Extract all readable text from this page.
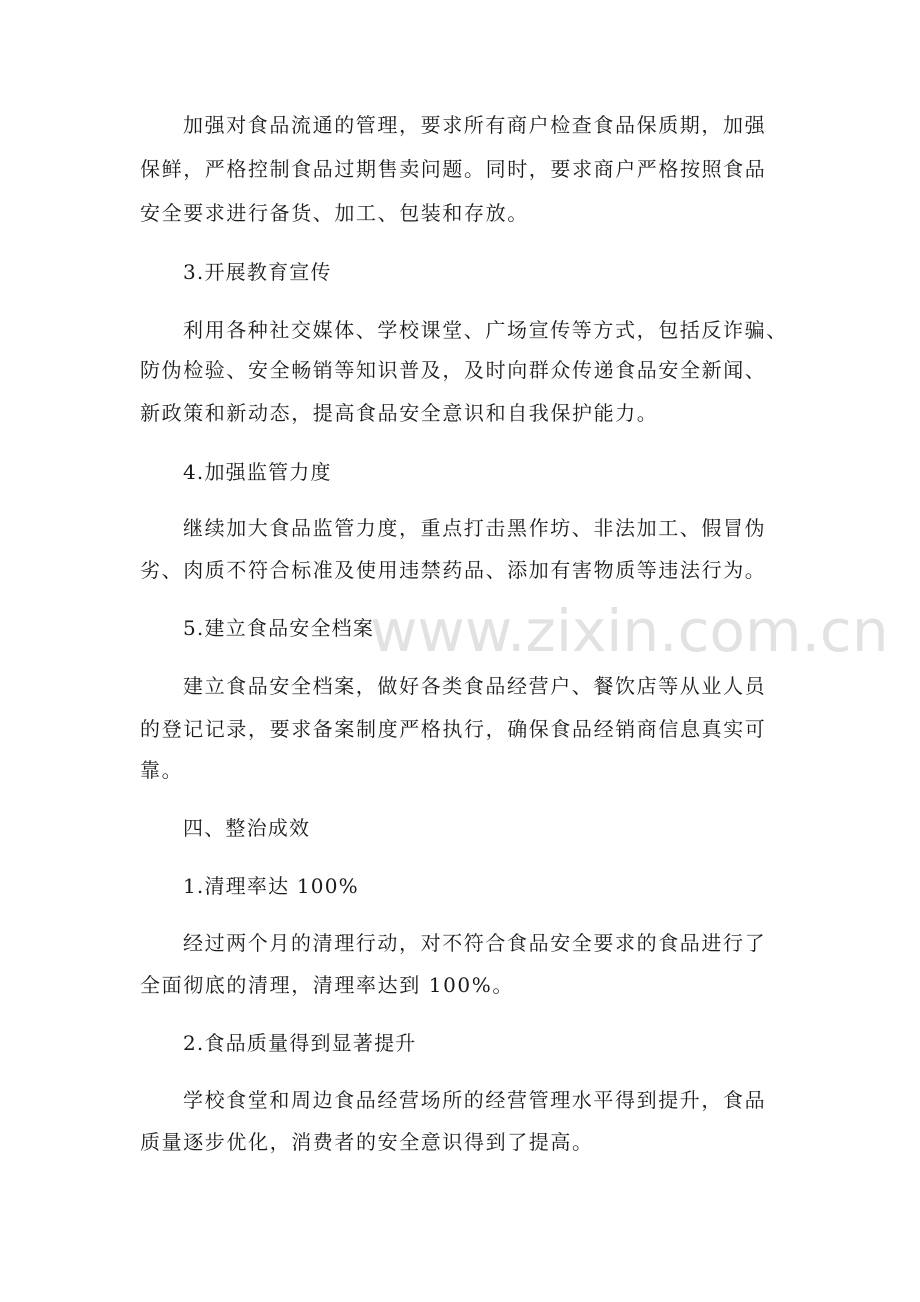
加强对食品流通的管理，要求所有商户检查食品保质期，加强
保鲜，严格控制食品过期售卖问题。同时，要求商户严格按照食品
安全要求进行备货、加工、包装和存放。
3.开展教育宣传
利用各种社交媒体、学校课堂、广场宣传等方式，包括反诈骗、
防伪检验、安全畅销等知识普及，及时向群众传递食品安全新闻、
新政策和新动态，提高食品安全意识和自我保护能力。
4.加强监管力度
继续加大食品监管力度，重点打击黑作坊、非法加工、假冒伪
劣、肉质不符合标准及使用违禁药品、添加有害物质等违法行为。
5.建立食品安全档案
建立食品安全档案，做好各类食品经营户、餐饮店等从业人员
的登记记录，要求备案制度严格执行，确保食品经销商信息真实可
靠。
四、整治成效
1.清理率达 100%
经过两个月的清理行动，对不符合食品安全要求的食品进行了
全面彻底的清理，清理率达到 100%。
2.食品质量得到显著提升
学校食堂和周边食品经营场所的经营管理水平得到提升，食品
质量逐步优化，消费者的安全意识得到了提高。
www.zixin.com.cn
